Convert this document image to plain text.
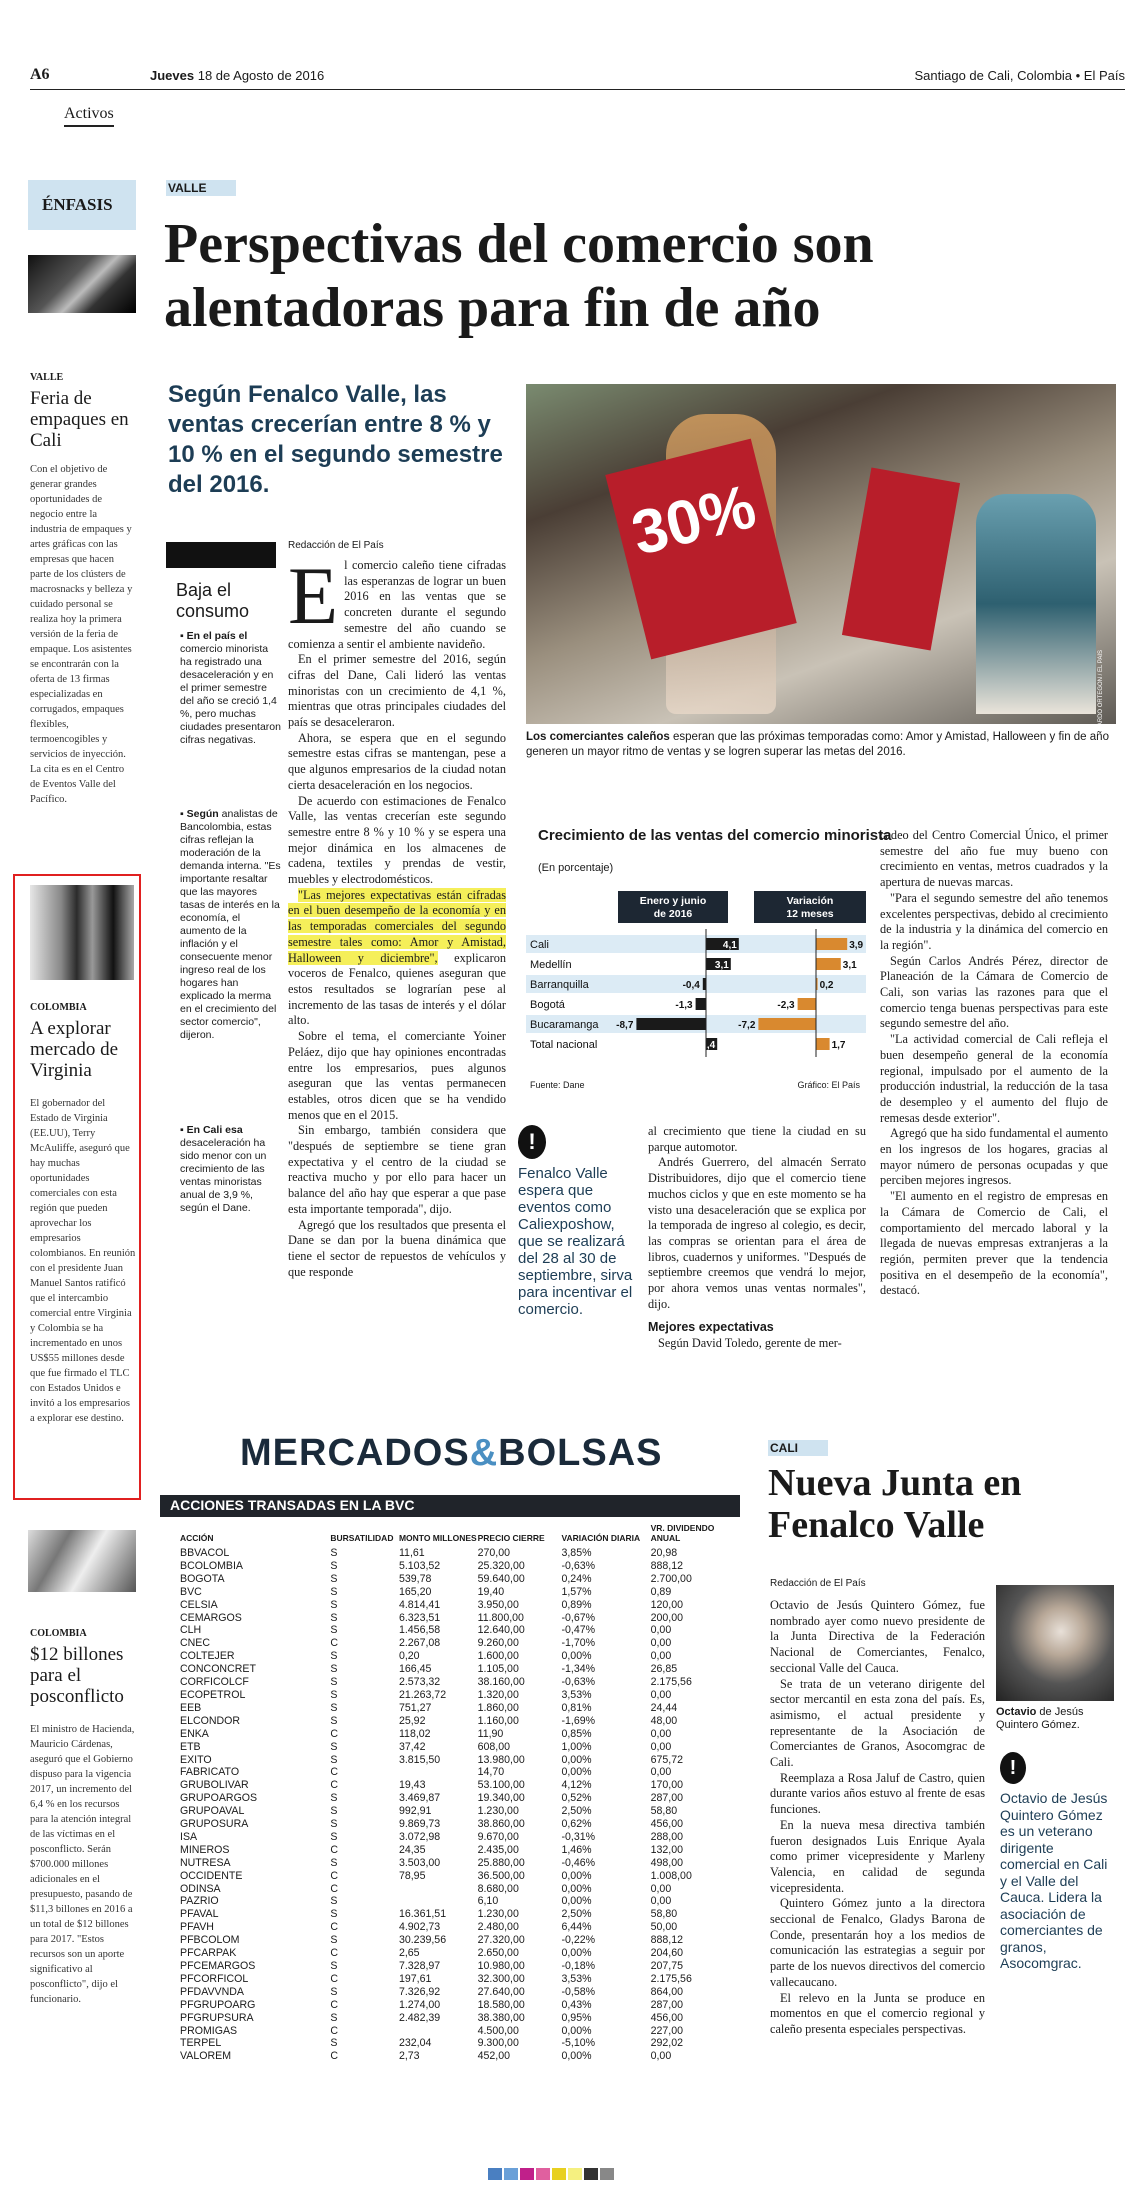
A6	Jueves 18 de Agosto de 2016	Santiago de Cali, Colombia • El País
Activos
ÉNFASIS
VALLE
Feria de empaques en Cali
Con el objetivo de generar grandes oportunidades de negocio entre la industria de empaques y artes gráficas con las empresas que hacen parte de los clústers de macrosnacks y belleza y cuidado personal se realiza hoy la primera versión de la feria de empaque. Los asistentes se encontrarán con la oferta de 13 firmas especializadas en corrugados, empaques flexibles, termoencogibles y servicios de inyección. La cita es en el Centro de Eventos Valle del Pacífico.
COLOMBIA
A explorar mercado de Virginia
El gobernador del Estado de Virginia (EE.UU), Terry McAuliffe, aseguró que hay muchas oportunidades comerciales con esta región que pueden aprovechar los empresarios colombianos. En reunión con el presidente Juan Manuel Santos ratificó que el intercambio comercial entre Virginia y Colombia se ha incrementado en unos US$55 millones desde que fue firmado el TLC con Estados Unidos e invitó a los empresarios a explorar ese destino.
COLOMBIA
$12 billones para el posconflicto
El ministro de Hacienda, Mauricio Cárdenas, aseguró que el Gobierno dispuso para la vigencia 2017, un incremento del 6,4 % en los recursos para la atención integral de las víctimas en el posconflicto. Serán $700.000 millones adicionales en el presupuesto, pasando de $11,3 billones en 2016 a un total de $12 billones para 2017. "Estos recursos son un aporte significativo al posconflicto", dijo el funcionario.
VALLE
Perspectivas del comercio son alentadoras para fin de año
Según Fenalco Valle, las ventas crecerían entre 8 % y 10 % en el segundo semestre del 2016.	30%
RICARDO ORTEGÓN / EL PAÍS
Los comerciantes caleños esperan que las próximas temporadas como: Amor y Amistad, Halloween y fin de año generen un mayor ritmo de ventas y se logren superar las metas del 2016.
Baja el consumo
▪ En el país el comercio minorista ha registrado una desaceleración y en el primer semestre del año se creció 1,4 %, pero muchas ciudades presentaron cifras negativas.
▪ Según analistas de Bancolombia, estas cifras reflejan la moderación de la demanda interna. "Es importante resaltar que las mayores tasas de interés en la economía, el aumento de la inflación y el consecuente menor ingreso real de los hogares han explicado la merma en el crecimiento del sector comercio", dijeron.
▪ En Cali esa desaceleración ha sido menor con un crecimiento de las ventas minoristas anual de 3,9 %, según el Dane.
Redacción de El País

El comercio caleño tiene cifradas las esperanzas de lograr un buen 2016 en las ventas que se concreten durante el segundo semestre del año cuando se comienza a sentir el ambiente navideño.

En el primer semestre del 2016, según cifras del Dane, Cali lideró las ventas minoristas con un crecimiento de 4,1 %, mientras que otras principales ciudades del país se desaceleraron.

Ahora, se espera que en el segundo semestre estas cifras se mantengan, pese a que algunos empresarios de la ciudad notan cierta desaceleración en los negocios.

De acuerdo con estimaciones de Fenalco Valle, las ventas crecerían este segundo semestre entre 8 % y 10 % y se espera una mejor dinámica en los almacenes de cadena, textiles y prendas de vestir, muebles y electrodomésticos.

"Las mejores expectativas están cifradas en el buen desempeño de la economía y en las temporadas comerciales del segundo semestre tales como: Amor y Amistad, Halloween y diciembre", explicaron voceros de Fenalco, quienes aseguran que estos resultados se lograrían pese al incremento de las tasas de interés y el dólar alto.

Sobre el tema, el comerciante Yoiner Peláez, dijo que hay opiniones encontradas entre los empresarios, pues algunos aseguran que las ventas permanecen estables, otros dicen que se ha vendido menos que en el 2015.

Sin embargo, también considera que "después de septiembre se tiene gran expectativa y el centro de la ciudad se reactiva mucho y por ello para hacer un balance del año hay que esperar a que pase esta importante temporada", dijo.

Agregó que los resultados que presenta el Dane se dan por la buena dinámica que tiene el sector de repuestos de vehículos y que responde

Crecimiento de las ventas del comercio minorista
(En porcentaje)
Enero y junio
de 2016
Variación
12 meses
Cali	4,1	3,9
Medellín	3,1	3,1
Barranquilla	-0,4	0,2
Bogotá	-1,3	-2,3
Bucaramanga -8,7	-7,2
Total nacional	1,4	1,7
Fuente: Dane	Gráfico: El País
!
Fenalco Valle espera que eventos como Caliexposhow, que se realizará del 28 al 30 de septiembre, sirva para incentivar el comercio.

al crecimiento que tiene la ciudad en su parque automotor.

Andrés Guerrero, del almacén Serrato Distribuidores, dijo que el comercio tiene muchos ciclos y que en este momento se ha visto una desaceleración que se explica por la temporada de ingreso al colegio, es decir, las compras se orientan para el área de libros, cuadernos y uniformes. "Después de septiembre creemos que vendrá lo mejor, por ahora vemos unas ventas normales", dijo.

Mejores expectativas

Según David Toledo, gerente de mer-

cadeo del Centro Comercial Único, el primer semestre del año fue muy bueno con crecimiento en ventas, metros cuadrados y la apertura de nuevas marcas.

"Para el segundo semestre del año tenemos excelentes perspectivas, debido al crecimiento de la industria y la dinámica del comercio en la región".

Según Carlos Andrés Pérez, director de Planeación de la Cámara de Comercio de Cali, son varias las razones para que el comercio tenga buenas perspectivas para este segundo semestre del año.

"La actividad comercial de Cali refleja el buen desempeño general de la economía regional, impulsado por el aumento de la producción industrial, la reducción de la tasa de desempleo y el aumento del flujo de remesas desde exterior".

Agregó que ha sido fundamental el aumento en los ingresos de los hogares, gracias al mayor número de personas ocupadas y que perciben mejores ingresos.

"El aumento en el registro de empresas en la Cámara de Comercio de Cali, el comportamiento del mercado laboral y la llegada de nuevas empresas extranjeras a la región, permiten prever que la tendencia positiva en el desempeño de la economía", destacó.

MERCADOS&BOLSAS
ACCIONES TRANSADAS EN LA BVC
ACCIÓN	BURSATILIDAD	MONTO MILLONES	PRECIO CIERRE	VARIACIÓN DIARIA	VR. DIVIDENDO ANUAL
BBVACOL	S	11,61	270,00	3,85%	20,98
BCOLOMBIA	S	5.103,52	25.320,00	-0,63%	888,12
BOGOTA	S	539,78	59.640,00	0,24%	2.700,00
BVC	S	165,20	19,40	1,57%	0,89
CELSIA	S	4.814,41	3.950,00	0,89%	120,00
CEMARGOS	S	6.323,51	11.800,00	-0,67%	200,00
CLH	S	1.456,58	12.640,00	-0,47%	0,00
CNEC	C	2.267,08	9.260,00	-1,70%	0,00
COLTEJER	S	0,20	1.600,00	0,00%	0,00
CONCONCRET	S	166,45	1.105,00	-1,34%	26,85
CORFICOLCF	S	2.573,32	38.160,00	-0,63%	2.175,56
ECOPETROL	S	21.263,72	1.320,00	3,53%	0,00
EEB	S	751,27	1.860,00	0,81%	24,44
ELCONDOR	S	25,92	1.160,00	-1,69%	48,00
ENKA	C	118,02	11,90	0,85%	0,00
ETB	S	37,42	608,00	1,00%	0,00
EXITO	S	3.815,50	13.980,00	0,00%	675,72
FABRICATO	C		14,70	0,00%	0,00
GRUBOLIVAR	C	19,43	53.100,00	4,12%	170,00
GRUPOARGOS	S	3.469,87	19.340,00	0,52%	287,00
GRUPOAVAL	S	992,91	1.230,00	2,50%	58,80
GRUPOSURA	S	9.869,73	38.860,00	0,62%	456,00
ISA	S	3.072,98	9.670,00	-0,31%	288,00
MINEROS	C	24,35	2.435,00	1,46%	132,00
NUTRESA	S	3.503,00	25.880,00	-0,46%	498,00
OCCIDENTE	C	78,95	36.500,00	0,00%	1.008,00
ODINSA	C		8.680,00	0,00%	0,00
PAZRIO	S		6,10	0,00%	0,00
PFAVAL	S	16.361,51	1.230,00	2,50%	58,80
PFAVH	C	4.902,73	2.480,00	6,44%	50,00
PFBCOLOM	S	30.239,56	27.320,00	-0,22%	888,12
PFCARPAK	C	2,65	2.650,00	0,00%	204,60
PFCEMARGOS	S	7.328,97	10.980,00	-0,18%	207,75
PFCORFICOL	C	197,61	32.300,00	3,53%	2.175,56
PFDAVVNDA	S	7.326,92	27.640,00	-0,58%	864,00
PFGRUPOARG	C	1.274,00	18.580,00	0,43%	287,00
PFGRUPSURA	S	2.482,39	38.380,00	0,95%	456,00
PROMIGAS	C		4.500,00	0,00%	227,00
TERPEL	S	232,04	9.300,00	-5,10%	292,02
VALOREM	C	2,73	452,00	0,00%	0,00
CALI
Nueva Junta en Fenalco Valle
Redacción de El País

Octavio de Jesús Quintero Gómez, fue nombrado ayer como nuevo presidente de la Junta Directiva de la Federación Nacional de Comerciantes, Fenalco, seccional Valle del Cauca.

Se trata de un veterano dirigente del sector mercantil en esta zona del país. Es, asimismo, el actual presidente y representante de la Asociación de Comerciantes de Granos, Asocomgrac de Cali.

Reemplaza a Rosa Jaluf de Castro, quien durante varios años estuvo al frente de esas funciones.

En la nueva mesa directiva también fueron designados Luis Enrique Ayala como primer vicepresidente y Marleny Valencia, en calidad de segunda vicepresidenta.

Quintero Gómez junto a la directora seccional de Fenalco, Gladys Barona de Conde, presentarán hoy a los medios de comunicación las estrategias a seguir por parte de los nuevos directivos del comercio vallecaucano.

El relevo en la Junta se produce en momentos en que el comercio regional y caleño presenta especiales perspectivas.

Octavio de Jesús Quintero Gómez.
!
Octavio de Jesús Quintero Gómez es un veterano dirigente comercial en Cali y el Valle del Cauca. Lidera la asociación de comerciantes de granos, Asocomgrac.
